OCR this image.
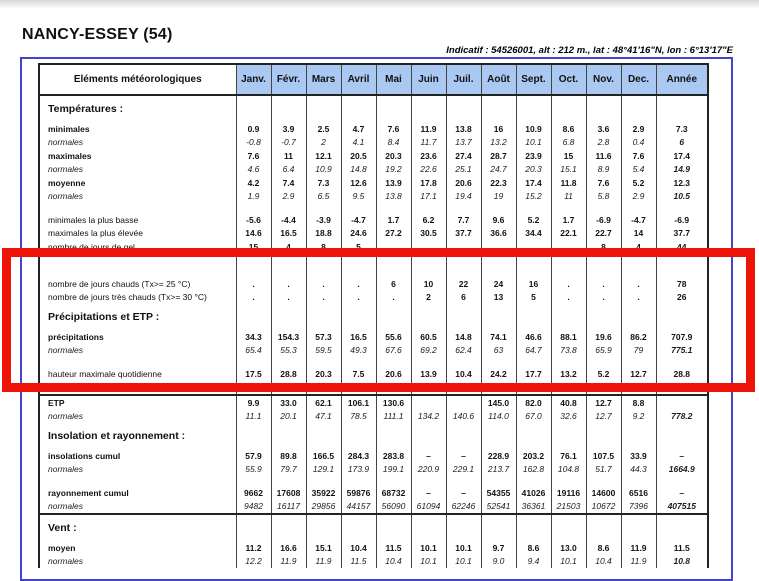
NANCY-ESSEY (54)
Indicatif : 54526001, alt : 212 m., lat : 48°41'16"N, lon : 6°13'17"E
Eléments météorologiques	Janv.	Févr.	Mars	Avril	Mai	Juin	Juil.	Août	Sept.	Oct.	Nov.	Dec.	Année
Températures :													
minimales	0.9	3.9	2.5	4.7	7.6	11.9	13.8	16	10.9	8.6	3.6	2.9	7.3
normales	-0.8	-0.7	2	4.1	8.4	11.7	13.7	13.2	10.1	6.8	2.8	0.4	6
maximales	7.6	11	12.1	20.5	20.3	23.6	27.4	28.7	23.9	15	11.6	7.6	17.4
normales	4.6	6.4	10.9	14.8	19.2	22.6	25.1	24.7	20.3	15.1	8.9	5.4	14.9
moyenne	4.2	7.4	7.3	12.6	13.9	17.8	20.6	22.3	17.4	11.8	7.6	5.2	12.3
normales	1.9	2.9	6.5	9.5	13.8	17.1	19.4	19	15.2	11	5.8	2.9	10.5

minimales la plus basse	-5.6	-4.4	-3.9	-4.7	1.7	6.2	7.7	9.6	5.2	1.7	-6.9	-4.7	-6.9
maximales la plus élevée	14.6	16.5	18.8	24.6	27.2	30.5	37.7	36.6	34.4	22.1	22.7	14	37.7
nombre de jours de gel	15	4	8	5	.	.	.	.	.	.	8	4	44

nombre de jours chauds (Tx>= 25 °C)	.	.	.	.	6	10	22	24	16	.	.	.	78
nombre de jours très chauds (Tx>= 30 °C)	.	.	.	.	.	2	6	13	5	.	.	.	26
Précipitations et ETP :													
précipitations	34.3	154.3	57.3	16.5	55.6	60.5	14.8	74.1	46.6	88.1	19.6	86.2	707.9
normales	65.4	55.3	59.5	49.3	67.6	69.2	62.4	63	64.7	73.8	65.9	79	775.1

hauteur maximale quotidienne	17.5	28.8	20.3	7.5	20.6	13.9	10.4	24.2	17.7	13.2	5.2	12.7	28.8
nombre de jours de pluie >= 1 mm	7	20	9	3	5	10	3	7	8	14	6	18	110
ETP	9.9	33.0	62.1	106.1	130.6			145.0	82.0	40.8	12.7	8.8	
normales	11.1	20.1	47.1	78.5	111.1	134.2	140.6	114.0	67.0	32.6	12.7	9.2	778.2
Insolation et rayonnement :													
insolations cumul	57.9	89.8	166.5	284.3	283.8	–	–	228.9	203.2	76.1	107.5	33.9	–
normales	55.9	79.7	129.1	173.9	199.1	220.9	229.1	213.7	162.8	104.8	51.7	44.3	1664.9

rayonnement cumul	9662	17608	35922	59876	68732	–	–	54355	41026	19116	14600	6516	–
normales	9482	16117	29856	44157	56090	61094	62246	52541	36361	21503	10672	7396	407515
Vent :													
moyen	11.2	16.6	15.1	10.4	11.5	10.1	10.1	9.7	8.6	13.0	8.6	11.9	11.5
normales	12.2	11.9	11.9	11.5	10.4	10.1	10.1	9.0	9.4	10.1	10.4	11.9	10.8
